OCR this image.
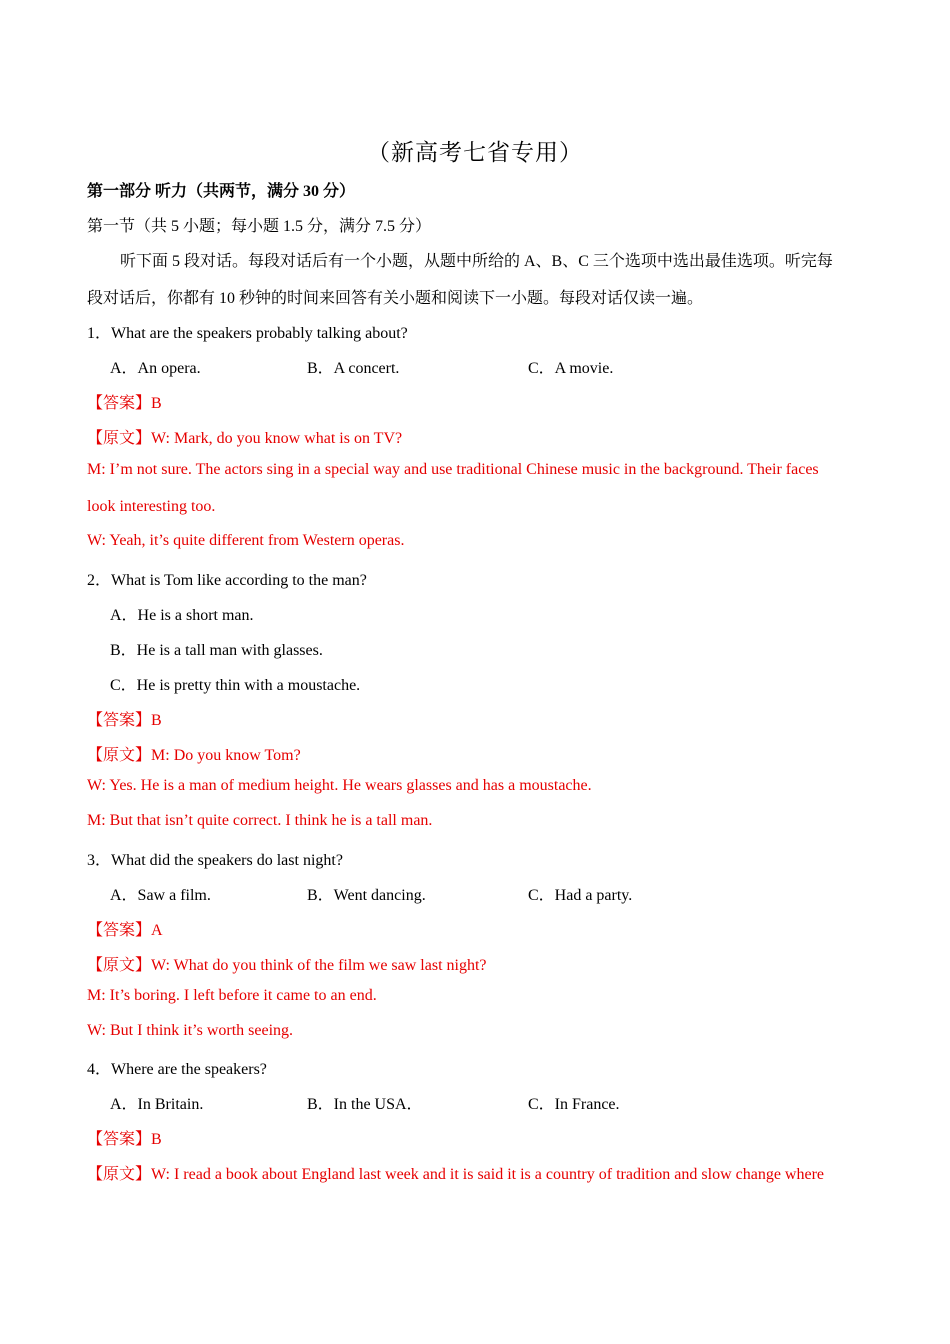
（新高考七省专用）
第一部分 听力（共两节，满分 30 分）
第一节（共 5 小题；每小题 1.5 分，满分 7.5 分）
听下面 5 段对话。每段对话后有一个小题，从题中所给的 A、B、C 三个选项中选出最佳选项。听完每
段对话后，你都有 10 秒钟的时间来回答有关小题和阅读下一小题。每段对话仅读一遍。
1．What are the speakers probably talking about?
A．An opera.	B．A concert.	C．A movie.
【答案】B
【原文】W: Mark, do you know what is on TV?
M: I’m not sure. The actors sing in a special way and use traditional Chinese music in the background. Their faces
look interesting too.
W: Yeah, it’s quite different from Western operas.
2．What is Tom like according to the man?
A．He is a short man.
B．He is a tall man with glasses.
C．He is pretty thin with a moustache.
【答案】B
【原文】M: Do you know Tom?
W: Yes. He is a man of medium height. He wears glasses and has a moustache.
M: But that isn’t quite correct. I think he is a tall man.
3．What did the speakers do last night?
A．Saw a film.	B．Went dancing.	C．Had a party.
【答案】A
【原文】W: What do you think of the film we saw last night?
M: It’s boring. I left before it came to an end.
W: But I think it’s worth seeing.
4．Where are the speakers?
A．In Britain.	B．In the USA．	C．In France.
【答案】B
【原文】W: I read a book about England last week and it is said it is a country of tradition and slow change where
